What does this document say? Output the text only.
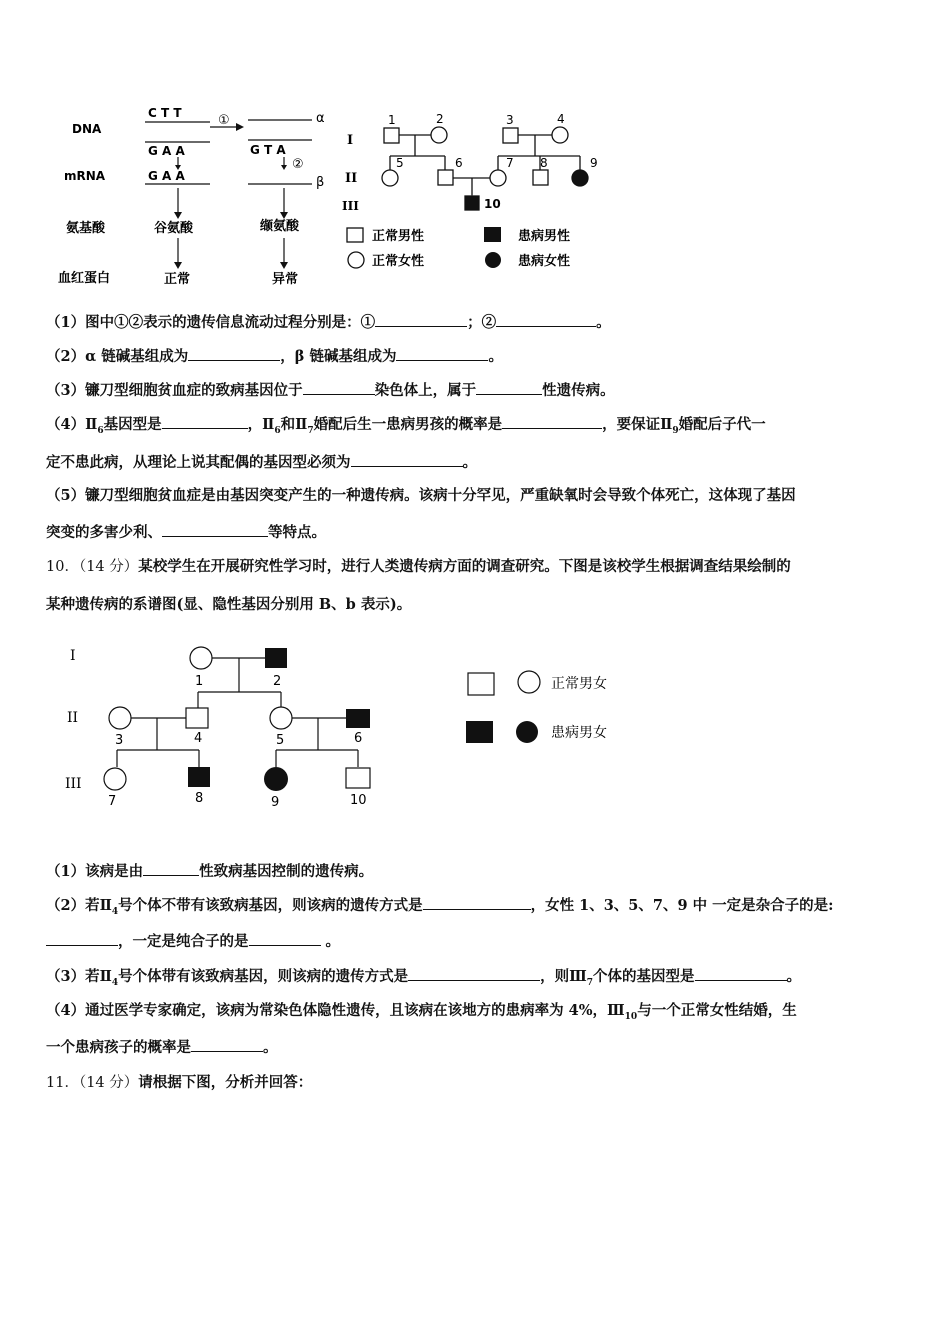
DNA
mRNA
氨基酸
血红蛋白
C T T
G A A
G A A
谷氨酸
正常
①	α
G T A
②
β
缬氨酸
异常
I
II
III
1	2	3	4
5	6	7 8	9
10
正常男性	患病男性
正常女性	患病女性
（1）图中①②表示的遗传信息流动过程分别是：①	；②	。
（2）α 链碱基组成为	，β 链碱基组成为	。
（3）镰刀型细胞贫血症的致病基因位于	染色体上，属于	性遗传病。
$(4)Ⅱ_6$基因型是	，$Ⅱ_6$和$Ⅱ_7$婚配后生一患病男孩的概率是	，要保证$Ⅱ_9$婚配后子代一
定不患此病，从理论上说其配偶的基因型必须为	。
（5）镰刀型细胞贫血症是由基因突变产生的一种遗传病。该病十分罕见，严重缺氧时会导致个体死亡，这体现了基因
突变的多害少利、	等特点。
10．（14 分）某校学生在开展研究性学习时，进行人类遗传病方面的调查研究。下图是该校学生根据调查结果绘制的
某种遗传病的系谱图(显、隐性基因分别用 B、b 表示)。
I
II
III
1	2
3	4	5	6
7	8	9	10
正常男女
患病男女
（1）该病是由	性致病基因控制的遗传病。
（2）若$Ⅱ_4$号个体不带有该致病基因，则该病的遗传方式是	，女性 1、3、5、7、9 中 一定是杂合子的是:
，一定是纯合子的是	。
（3）若$Ⅱ_4$号个体带有该致病基因，则该病的遗传方式是	，则$Ⅲ_7$个体的基因型是	。
（4）通过医学专家确定，该病为常染色体隐性遗传，且该病在该地方的患病率为 4%，$Ⅲ_{10}$与一个正常女性结婚，生
一个患病孩子的概率是	。
11．（14 分）请根据下图，分析并回答：
